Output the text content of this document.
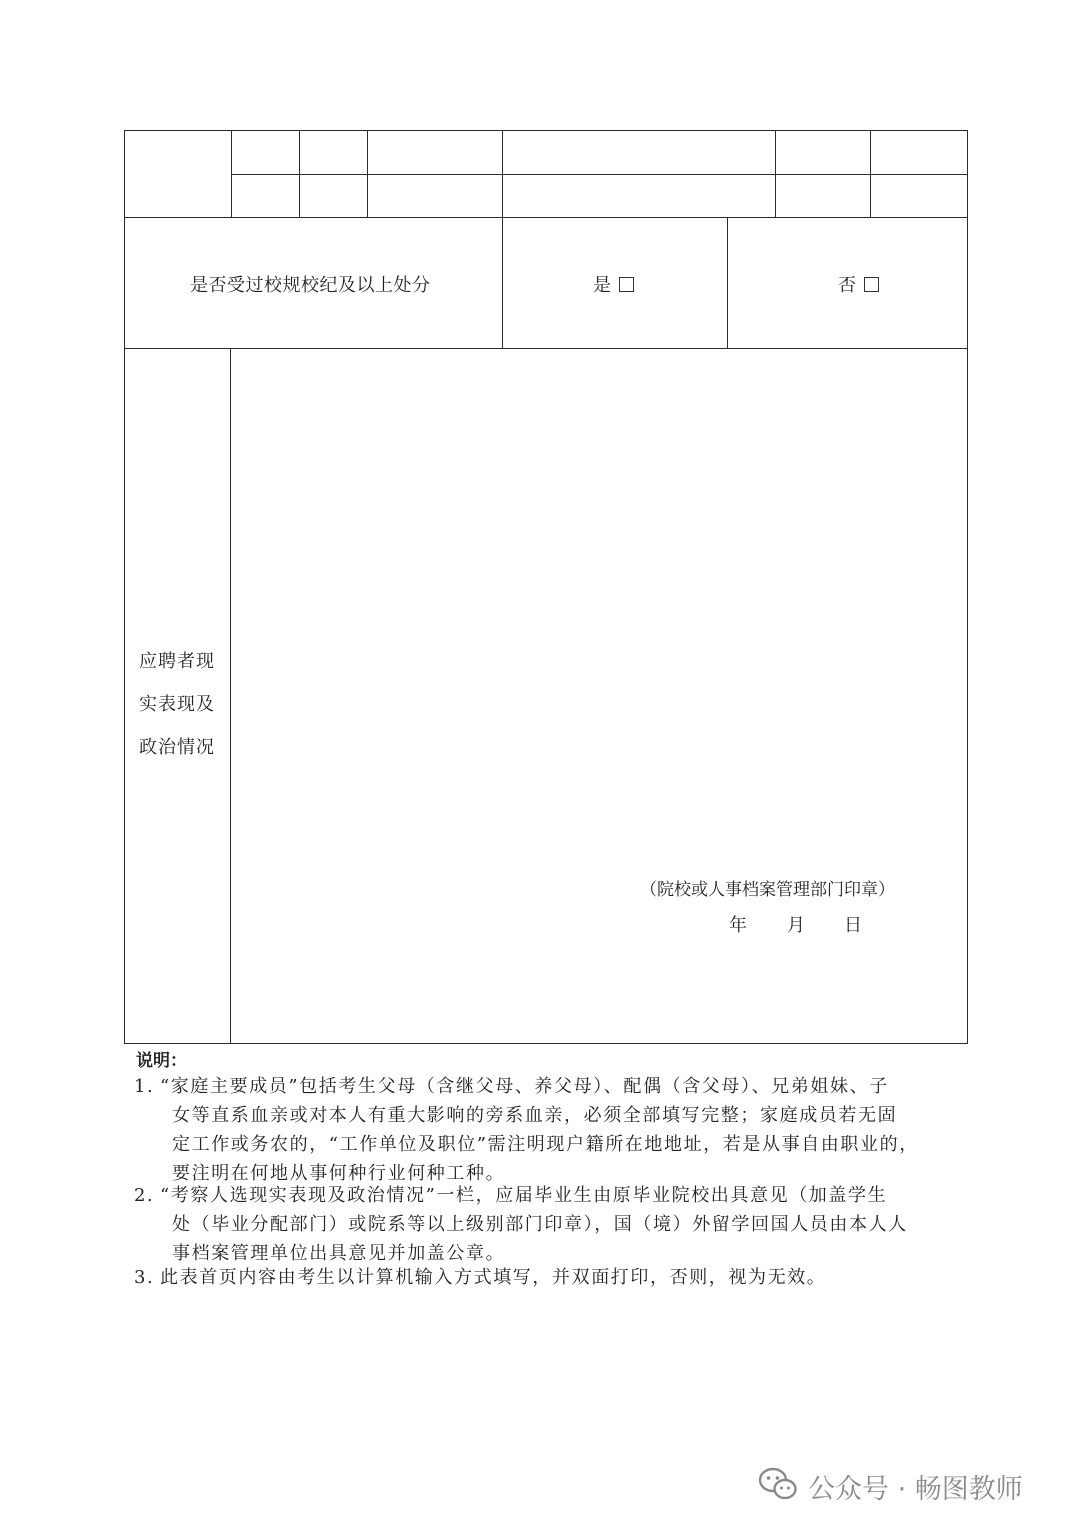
是否受过校规校纪及以上处分	是	否
应聘者现
实表现及
政治情况
（院校或人事档案管理部门印章）
年 月 日
说明：
1. “家庭主要成员”包括考生父母（含继父母、养父母）、配偶（含父母）、兄弟姐妹、子
女等直系血亲或对本人有重大影响的旁系血亲，必须全部填写完整；家庭成员若无固
定工作或务农的，“工作单位及职位”需注明现户籍所在地地址，若是从事自由职业的，
要注明在何地从事何种行业何种工种。
2. “考察人选现实表现及政治情况”一栏，应届毕业生由原毕业院校出具意见（加盖学生
处（毕业分配部门）或院系等以上级别部门印章），国（境）外留学回国人员由本人人
事档案管理单位出具意见并加盖公章。
3. 此表首页内容由考生以计算机输入方式填写，并双面打印，否则，视为无效。
公众号 · 畅图教师
